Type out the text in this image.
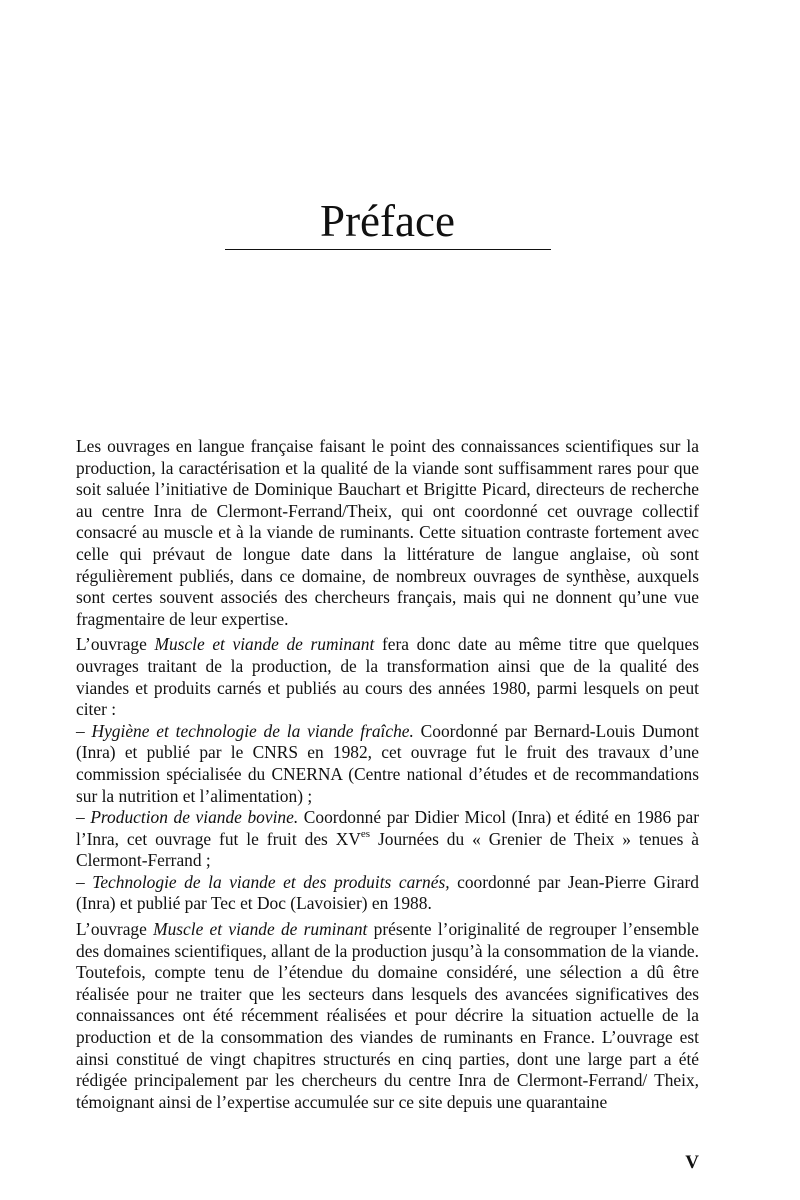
Préface

Les ouvrages en langue française faisant le point des connaissances scientifiques sur la production, la caractérisation et la qualité de la viande sont suffisamment rares pour que soit saluée l’initiative de Dominique Bauchart et Brigitte Picard, directeurs de recherche au centre Inra de Clermont-Ferrand/Theix, qui ont coordonné cet ouvrage collectif consacré au muscle et à la viande de ruminants. Cette situation contraste fortement avec celle qui prévaut de longue date dans la littérature de langue anglaise, où sont régulièrement publiés, dans ce domaine, de nombreux ouvrages de synthèse, auxquels sont certes souvent associés des chercheurs français, mais qui ne donnent qu’une vue fragmentaire de leur expertise.

L’ouvrage Muscle et viande de ruminant fera donc date au même titre que quelques ouvrages traitant de la production, de la transformation ainsi que de la qualité des viandes et produits carnés et publiés au cours des années 1980, parmi lesquels on peut citer :
– Hygiène et technologie de la viande fraîche. Coordonné par Bernard-Louis Dumont (Inra) et publié par le CNRS en 1982, cet ouvrage fut le fruit des travaux d’une commission spécialisée du CNERNA (Centre national d’études et de recommandations sur la nutrition et l’alimentation) ;
– Production de viande bovine. Coordonné par Didier Micol (Inra) et édité en 1986 par l’Inra, cet ouvrage fut le fruit des $XV^{es}$ Journées du « Grenier de Theix » tenues à Clermont-Ferrand ;
– Technologie de la viande et des produits carnés, coordonné par Jean-Pierre Girard (Inra) et publié par Tec et Doc (Lavoisier) en 1988.

L’ouvrage Muscle et viande de ruminant présente l’originalité de regrouper l’ensemble des domaines scientifiques, allant de la production jusqu’à la consommation de la viande. Toutefois, compte tenu de l’étendue du domaine considéré, une sélection a dû être réalisée pour ne traiter que les secteurs dans lesquels des avancées significatives des connaissances ont été récemment réalisées et pour décrire la situation actuelle de la production et de la consommation des viandes de ruminants en France. L’ouvrage est ainsi constitué de vingt chapitres structurés en cinq parties, dont une large part a été rédigée principalement par les chercheurs du centre Inra de Clermont-Ferrand/ Theix, témoignant ainsi de l’expertise accumulée sur ce site depuis une quarantaine

V
